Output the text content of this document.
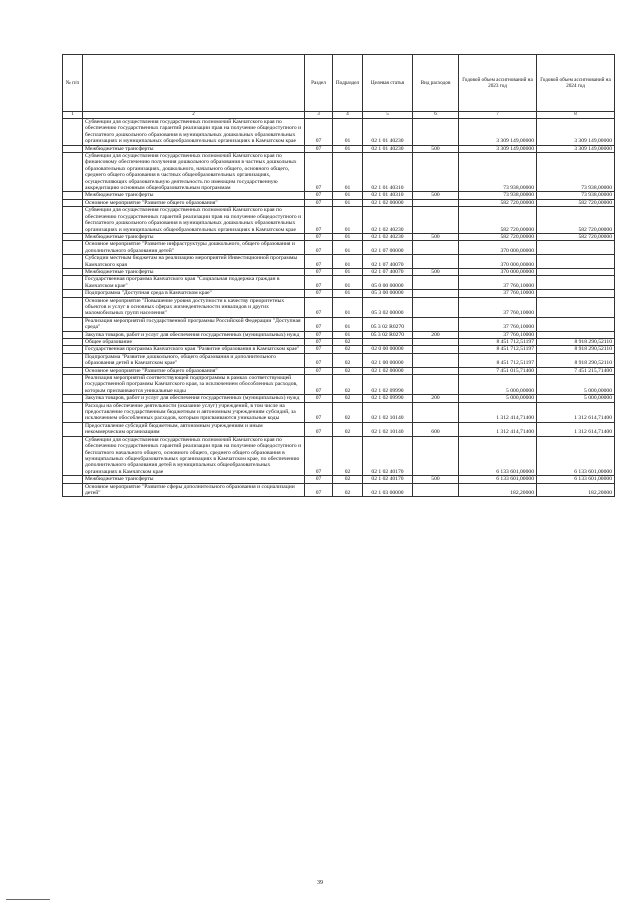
№ п/п		Раздел	Подраздел	Целевая статья	Вид расходов	Годовой объем ассигнований на 2023 год	Годовой объем ассигнований на 2024 год
1	2	3	4	5	6	7	8
	Субвенции для осуществления государственных полномочий Камчатского края по обеспечению государственных гарантий реализации прав на получение общедоступного и бесплатного дошкольного образования в муниципальных дошкольных образовательных организациях и муниципальных общеобразовательных организациях в Камчатском крае	07	01	02 1 01 40230		3 309 149,00000	3 309 149,00000
	Межбюджетные трансферты	07	01	02 1 01 40230	500	3 309 149,00000	3 309 149,00000
	Субвенции для осуществления государственных полномочий Камчатского края по финансовому обеспечению получения дошкольного образования в частных дошкольных образовательных организациях, дошкольного, начального общего, основного общего, среднего общего образования в частных общеобразовательных организациях, осуществляющих образовательную деятельность по имеющим государственную аккредитацию основным общеобразовательным программам	07	01	02 1 01 40310		73 938,00000	73 938,00000
	Межбюджетные трансферты	07	01	02 1 01 40310	500	73 938,00000	73 938,00000
	Основное мероприятие "Развитие общего образования"	07	01	02 1 02 00000		582 720,00000	582 720,00000
	Субвенции для осуществления государственных полномочий Камчатского края по обеспечению государственных гарантий реализации прав на получение общедоступного и бесплатного дошкольного образования в муниципальных дошкольных образовательных организациях и муниципальных общеобразовательных организациях в Камчатском крае	07	01	02 1 02 40230		582 720,00000	582 720,00000
	Межбюджетные трансферты	07	01	02 1 02 40230	500	582 720,00000	582 720,00000
	Основное мероприятие "Развитие инфраструктуры дошкольного, общего образования и дополнительного образования детей"	07	01	02 1 07 00000		370 000,00000	
	Субсидии местным бюджетам на реализацию мероприятий Инвестиционной программы Камчатского края	07	01	02 1 07 40070		370 000,00000	
	Межбюджетные трансферты	07	01	02 1 07 40070	500	370 000,00000	
	Государственная программа Камчатского края "Социальная поддержка граждан в Камчатском крае"	07	01	05 0 00 00000		37 760,10000	
	Подпрограмма "Доступная среда в Камчатском крае"	07	01	05 3 00 00000		37 760,10000	
	Основное мероприятие "Повышение уровня доступности к качеству приоритетных объектов и услуг в основных сферах жизнедеятельности инвалидов и других маломобильных групп населения"	07	01	05 3 02 00000		37 760,10000	
	Реализация мероприятий государственной программы Российской Федерации "Доступная среда"	07	01	05 3 02 R0270		37 760,10000	
	Закупка товаров, работ и услуг для обеспечения государственных (муниципальных) нужд	07	01	05 3 02 R0270	200	37 760,10000	
	Общее образование	07	02			8 451 712,51197	8 918 290,52110
	Государственная программа Камчатского края "Развитие образования в Камчатском крае"	07	02	02 0 00 00000		8 451 712,51197	8 918 290,52110
	Подпрограмма "Развитие дошкольного, общего образования и дополнительного образования детей в Камчатском крае"	07	02	02 1 00 00000		8 451 712,51197	8 918 290,52110
	Основное мероприятие "Развитие общего образования"	07	02	02 1 02 00000		7 451 015,71400	7 451 215,71400
	Реализация мероприятий соответствующей подпрограммы в рамках соответствующей государственной программы Камчатского края, за исключением обособленных расходов, которым присваиваются уникальные коды	07	02	02 1 02 09990		5 000,00000	5 000,00000
	Закупка товаров, работ и услуг для обеспечения государственных (муниципальных) нужд	07	02	02 1 02 09990	200	5 000,00000	5 000,00000
	Расходы на обеспечение деятельности (оказание услуг) учреждений, в том числе на предоставление государственным бюджетным и автономным учреждениям субсидий, за исключением обособленных расходов, которым присваиваются уникальные коды	07	02	02 1 02 10140		1 312 414,71400	1 312 614,71400
	Предоставление субсидий бюджетным, автономным учреждениям и иным некоммерческим организациям	07	02	02 1 02 10140	600	1 312 414,71400	1 312 614,71400
	Субвенции для осуществления государственных полномочий Камчатского края по обеспечению государственных гарантий реализации прав на получение общедоступного и бесплатного начального общего, основного общего, среднего общего образования в муниципальных общеобразовательных организациях в Камчатском крае, по обеспечению дополнительного образования детей в муниципальных общеобразовательных организациях в Камчатском крае	07	02	02 1 02 40170		6 133 601,00000	6 133 601,00000
	Межбюджетные трансферты	07	02	02 1 02 40170	500	6 133 601,00000	6 133 601,00000
	Основное мероприятие "Развитие сферы дополнительного образования и социализации детей"	07	02	02 1 03 00000		182,20000	182,20000
39
